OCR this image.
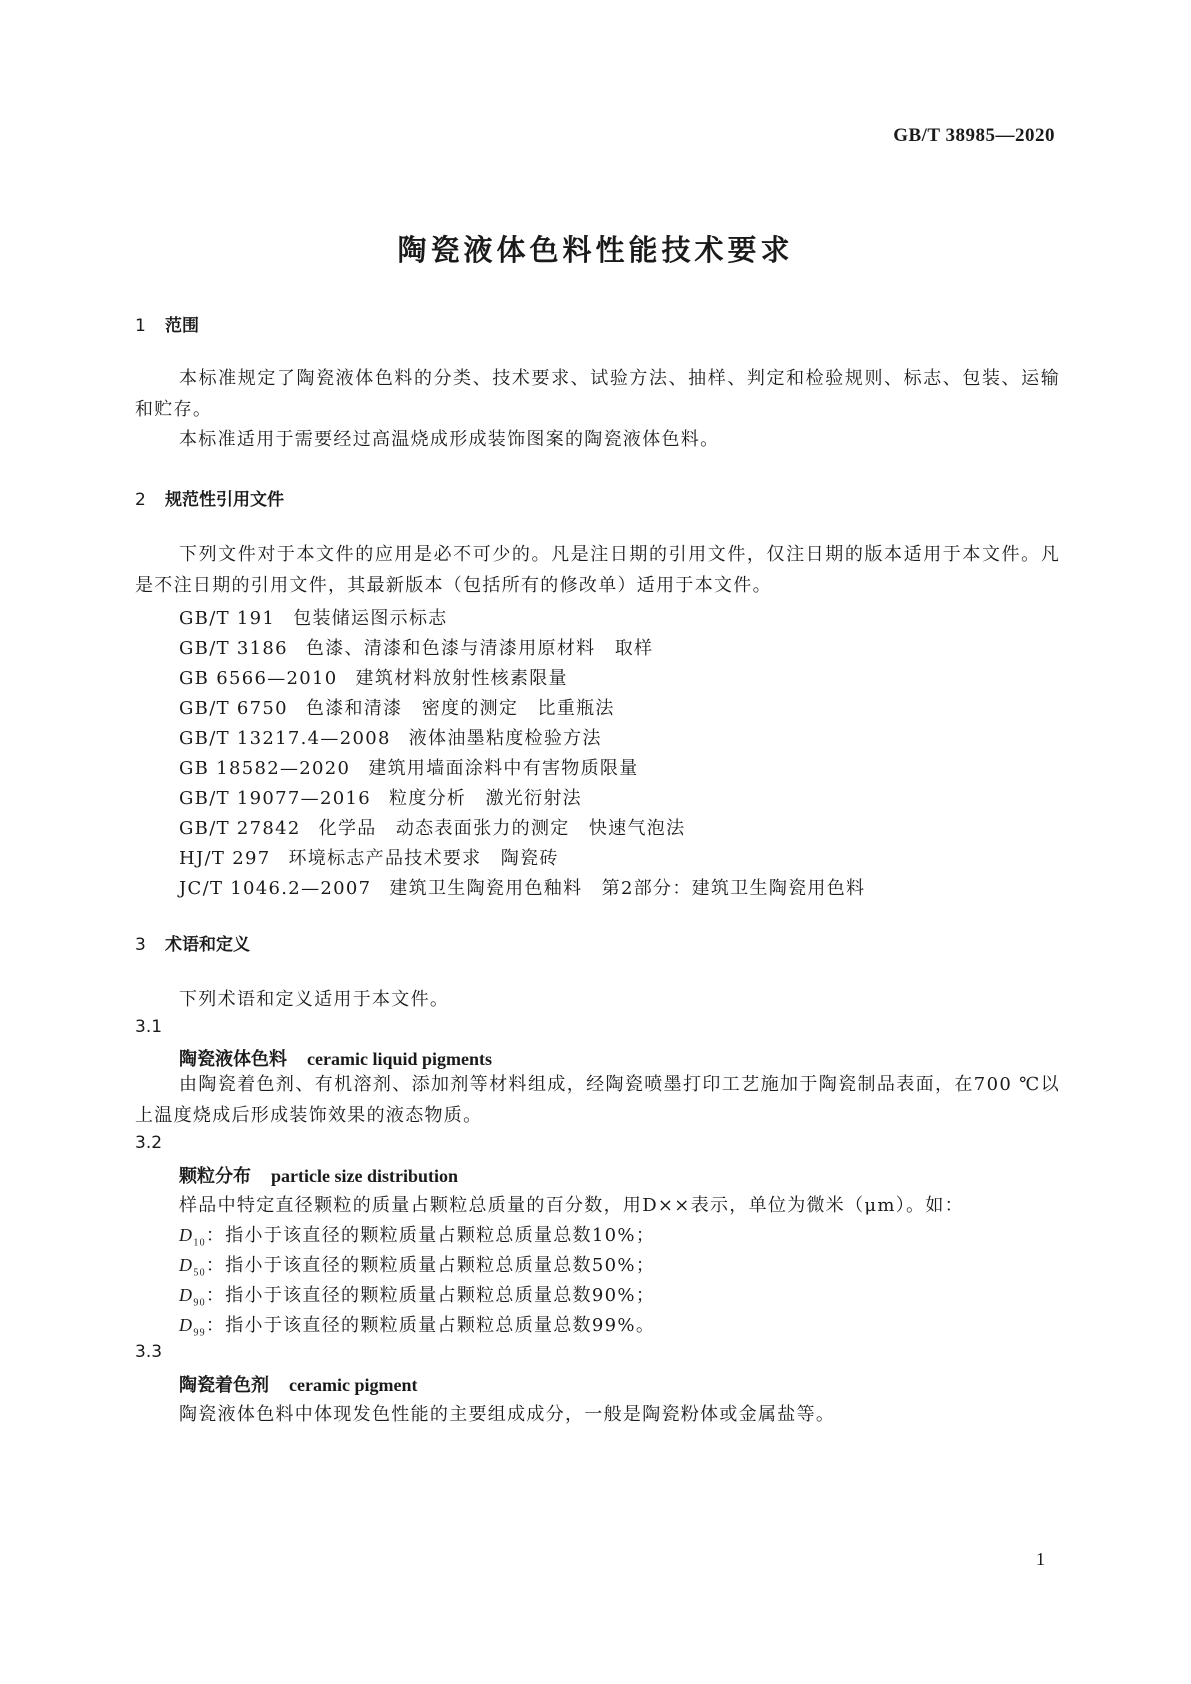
GB/T 38985—2020
陶瓷液体色料性能技术要求
1 范围
本标准规定了陶瓷液体色料的分类、技术要求、试验方法、抽样、判定和检验规则、标志、包装、运输和贮存。
本标准适用于需要经过高温烧成形成装饰图案的陶瓷液体色料。
2 规范性引用文件
下列文件对于本文件的应用是必不可少的。凡是注日期的引用文件，仅注日期的版本适用于本文件。凡是不注日期的引用文件，其最新版本（包括所有的修改单）适用于本文件。
GB/T 191 包装储运图示标志
GB/T 3186 色漆、清漆和色漆与清漆用原材料　取样
GB 6566—2010 建筑材料放射性核素限量
GB/T 6750 色漆和清漆　密度的测定　比重瓶法
GB/T 13217.4—2008 液体油墨粘度检验方法
GB 18582—2020 建筑用墙面涂料中有害物质限量
GB/T 19077—2016 粒度分析　激光衍射法
GB/T 27842 化学品　动态表面张力的测定　快速气泡法
HJ/T 297 环境标志产品技术要求　陶瓷砖
JC/T 1046.2—2007 建筑卫生陶瓷用色釉料　第2部分：建筑卫生陶瓷用色料
3 术语和定义
下列术语和定义适用于本文件。
3.1
陶瓷液体色料 ceramic liquid pigments
由陶瓷着色剂、有机溶剂、添加剂等材料组成，经陶瓷喷墨打印工艺施加于陶瓷制品表面，在700 ℃以上温度烧成后形成装饰效果的液态物质。
3.2
颗粒分布 particle size distribution
样品中特定直径颗粒的质量占颗粒总质量的百分数，用D××表示，单位为微米（μm）。如：
$D_{10}$：指小于该直径的颗粒质量占颗粒总质量总数10%；
$D_{50}$：指小于该直径的颗粒质量占颗粒总质量总数50%；
$D_{90}$：指小于该直径的颗粒质量占颗粒总质量总数90%；
$D_{99}$：指小于该直径的颗粒质量占颗粒总质量总数99%。
3.3
陶瓷着色剂 ceramic pigment
陶瓷液体色料中体现发色性能的主要组成成分，一般是陶瓷粉体或金属盐等。
1
